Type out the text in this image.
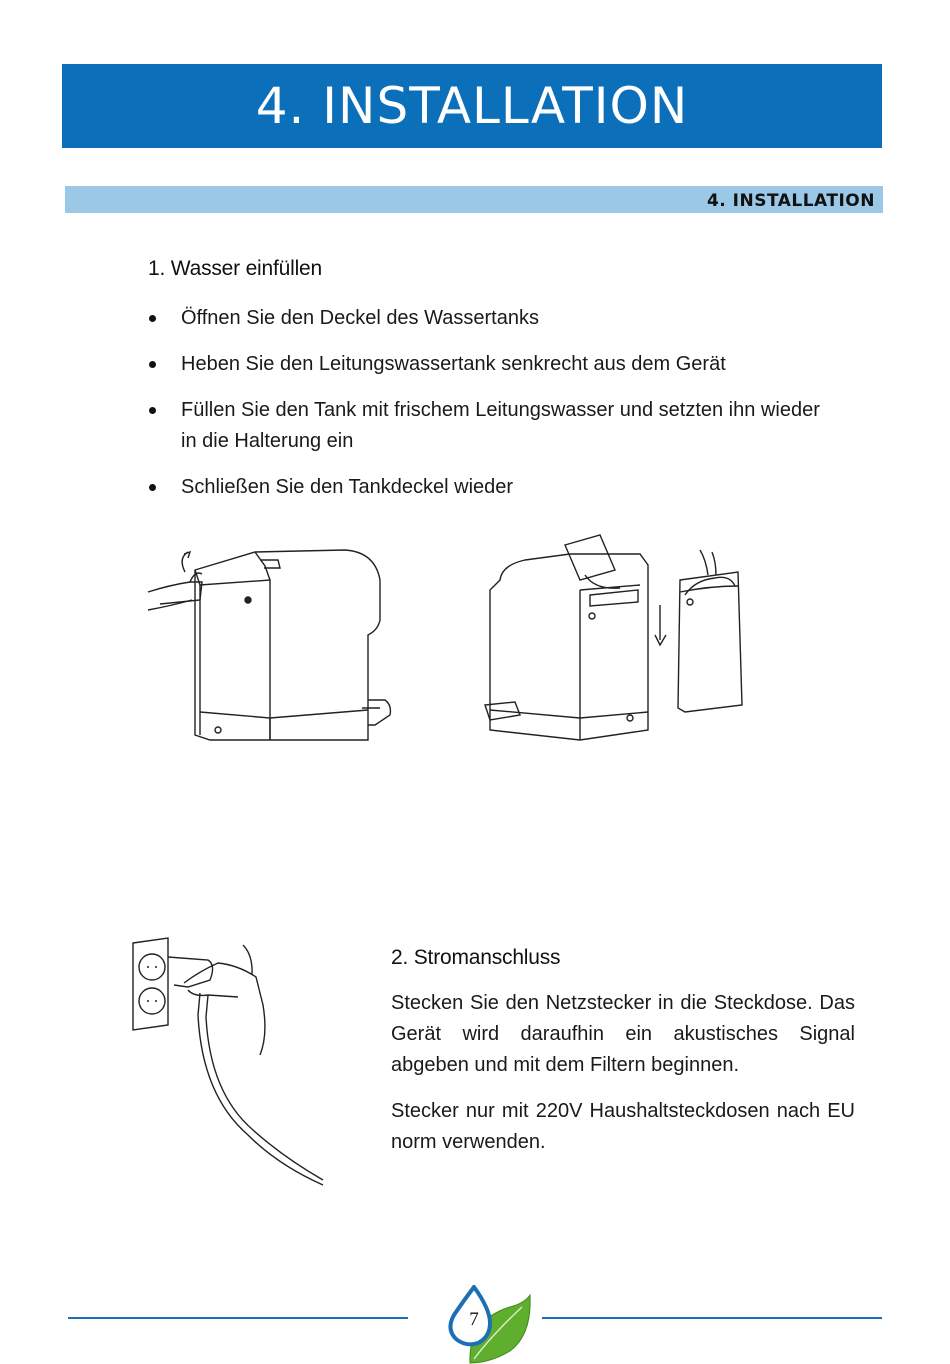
4. INSTALLATION
4. INSTALLATION
1. Wasser einfüllen
Öffnen Sie den Deckel des Wassertanks
Heben Sie den Leitungswassertank senkrecht aus dem Gerät
Füllen Sie den Tank mit frischem Leitungswasser und setzten ihn wieder in die Halterung ein
Schließen Sie den Tankdeckel wieder
2. Stromanschluss

Stecken Sie den Netzstecker in die Steckdose. Das Gerät wird daraufhin ein akustisches Signal abgeben und mit dem Filtern beginnen.

Stecker nur mit 220V Haushaltsteckdosen nach EU norm verwenden.

7
